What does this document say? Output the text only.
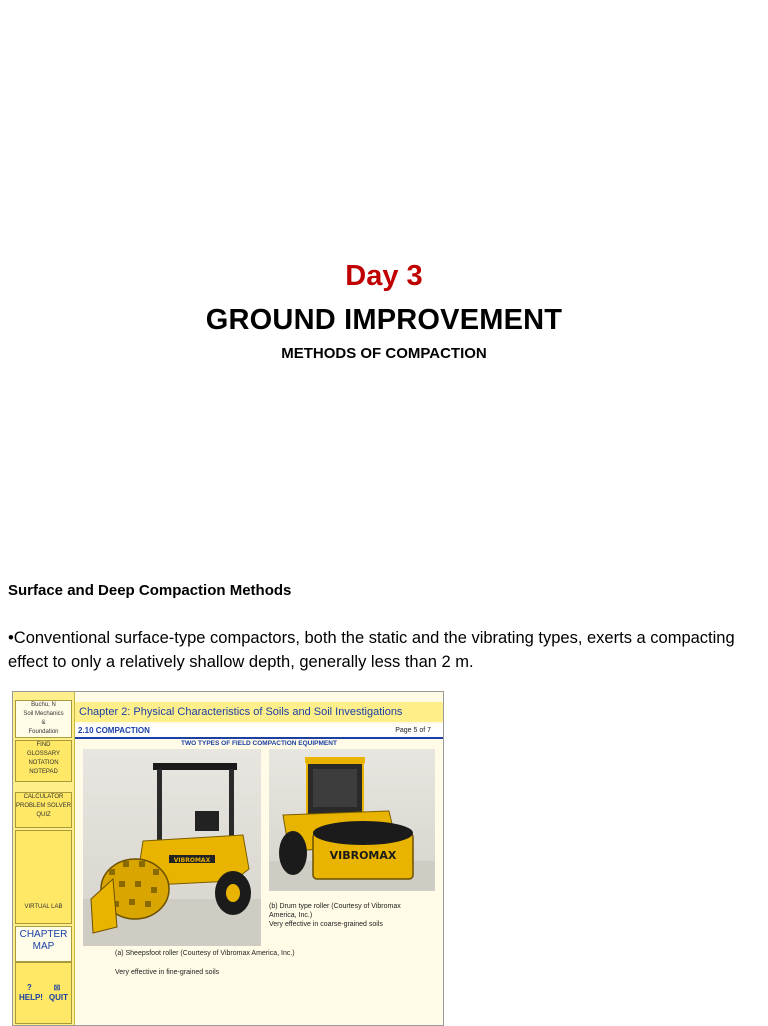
Day 3
GROUND IMPROVEMENT
METHODS OF COMPACTION
Surface and Deep Compaction Methods
•Conventional surface-type compactors, both the static and the vibrating types, exerts a compacting effect to only a relatively shallow depth, generally less than 2 m.
Buchu, N
Soil Mechanics
&
Foundation
FIND
GLOSSARY
NOTATION
NOTEPAD
CALCULATOR
PROBLEM SOLVER
QUIZ
VIRTUAL LAB
CHAPTER
MAP
?	⊠
HELP! QUIT
Chapter 2: Physical Characteristics of Soils and Soil Investigations
2.10 COMPACTION	Page 5 of 7
TWO TYPES OF FIELD COMPACTION EQUIPMENT
VIBROMAX	VIBROMAX
(b) Drum type roller (Courtesy of Vibromax
America, Inc.)
Very effective in coarse-grained soils
(a) Sheepsfoot roller (Courtesy of Vibromax America, Inc.)
Very effective in fine-grained soils
